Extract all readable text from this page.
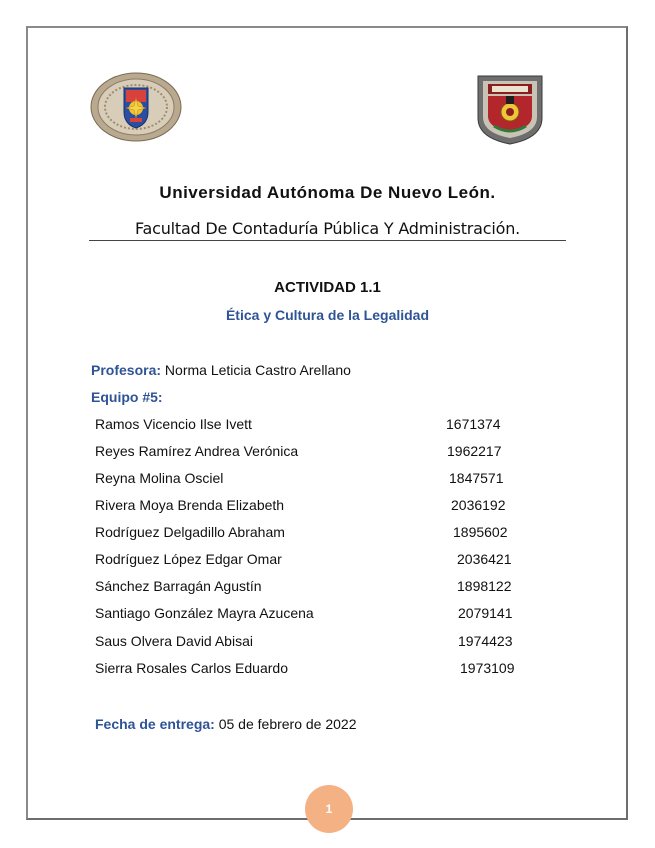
Universidad Autónoma De Nuevo León.
Facultad De Contaduría Pública Y Administración.
ACTIVIDAD 1.1
Ética y Cultura de la Legalidad
Profesora: Norma Leticia Castro Arellano
Equipo #5:
Ramos Vicencio Ilse Ivett	1671374
Reyes Ramírez Andrea Verónica	1962217
Reyna Molina Osciel	1847571
Rivera Moya Brenda Elizabeth	2036192
Rodríguez Delgadillo Abraham	1895602
Rodríguez López Edgar Omar	2036421
Sánchez Barragán Agustín	1898122
Santiago González Mayra Azucena	2079141
Saus Olvera David Abisai	1974423
Sierra Rosales Carlos Eduardo	1973109
Fecha de entrega: 05 de febrero de 2022
1
